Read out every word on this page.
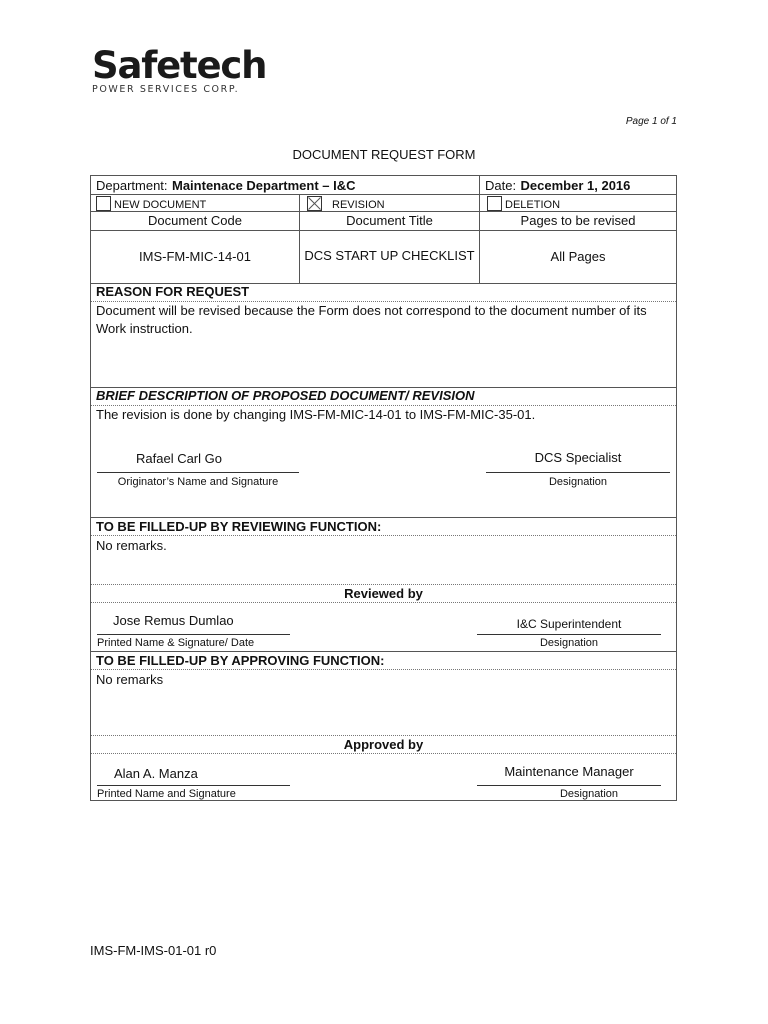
Safetech
POWER SERVICES CORP.
Page 1 of 1
DOCUMENT REQUEST FORM
Department: Maintenace Department – I&C	Date: December 1, 2016
NEW DOCUMENT	REVISION	DELETION
Document Code	Document Title	Pages to be revised
IMS-FM-MIC-14-01	DCS START UP CHECKLIST	All Pages
REASON FOR REQUEST
Document will be revised because the Form does not correspond to the document number of its Work instruction.
BRIEF DESCRIPTION OF PROPOSED DOCUMENT/ REVISION
The revision is done by changing IMS-FM-MIC-14-01 to IMS-FM-MIC-35-01.
Rafael Carl Go
Originator’s Name and Signature
DCS Specialist
Designation
TO BE FILLED-UP BY REVIEWING FUNCTION:
No remarks.
Reviewed by
Jose Remus Dumlao
Printed Name & Signature/ Date
I&C Superintendent
Designation
TO BE FILLED-UP BY APPROVING FUNCTION:
No remarks
Approved by
Alan A. Manza
Printed Name and Signature
Maintenance Manager
Designation
IMS-FM-IMS-01-01 r0
